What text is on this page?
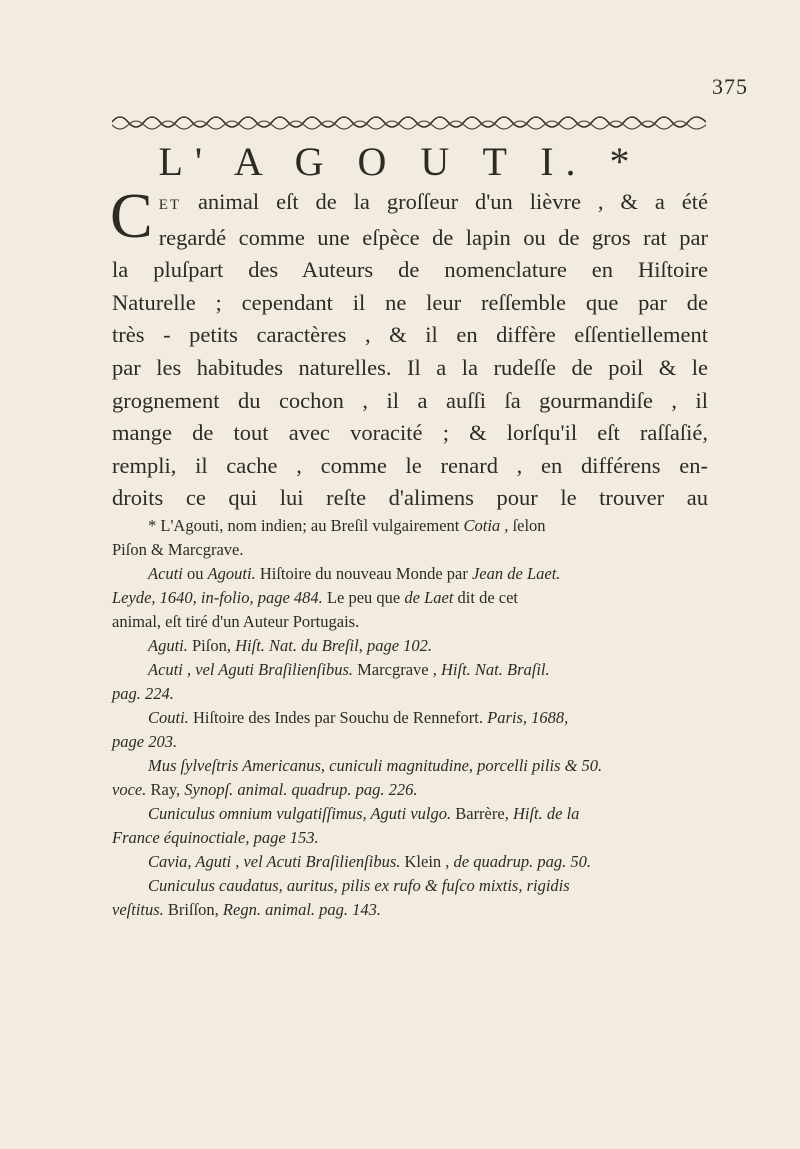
375
L' A G O U T I. *
C ET animal eſt de la groſſeur d'un lièvre , & a été
regardé comme une eſpèce de lapin ou de gros rat par
la pluſpart des Auteurs de nomenclature en Hiſtoire
Naturelle ; cependant il ne leur reſſemble que par de
très - petits caractères , & il en diffère eſſentiellement
par les habitudes naturelles. Il a la rudeſſe de poil & le
grognement du cochon , il a auſſi ſa gourmandiſe , il
mange de tout avec voracité ; & lorſqu'il eſt raſſaſié,
rempli, il cache , comme le renard , en différens en-
droits ce qui lui reſte d'alimens pour le trouver au
* L'Agouti, nom indien; au Breſil vulgairement Cotia , ſelon
Piſon & Marcgrave.
Acuti ou Agouti. Hiſtoire du nouveau Monde par Jean de Laet.
Leyde, 1640, in-folio, page 484. Le peu que de Laet dit de cet
animal, eſt tiré d'un Auteur Portugais.
Aguti. Piſon, Hiſt. Nat. du Breſil, page 102.
Acuti , vel Aguti Braſilienſibus. Marcgrave , Hiſt. Nat. Braſil.
pag. 224.
Couti. Hiſtoire des Indes par Souchu de Rennefort. Paris, 1688,
page 203.
Mus ſylveſtris Americanus, cuniculi magnitudine, porcelli pilis & 50.
voce. Ray, Synopſ. animal. quadrup. pag. 226.
Cuniculus omnium vulgatiſſimus, Aguti vulgo. Barrère, Hiſt. de la
France équinoctiale, page 153.
Cavia, Aguti , vel Acuti Braſilienſibus. Klein , de quadrup. pag. 50.
Cuniculus caudatus, auritus, pilis ex rufo & fuſco mixtis, rigidis
veſtitus. Briſſon, Regn. animal. pag. 143.
